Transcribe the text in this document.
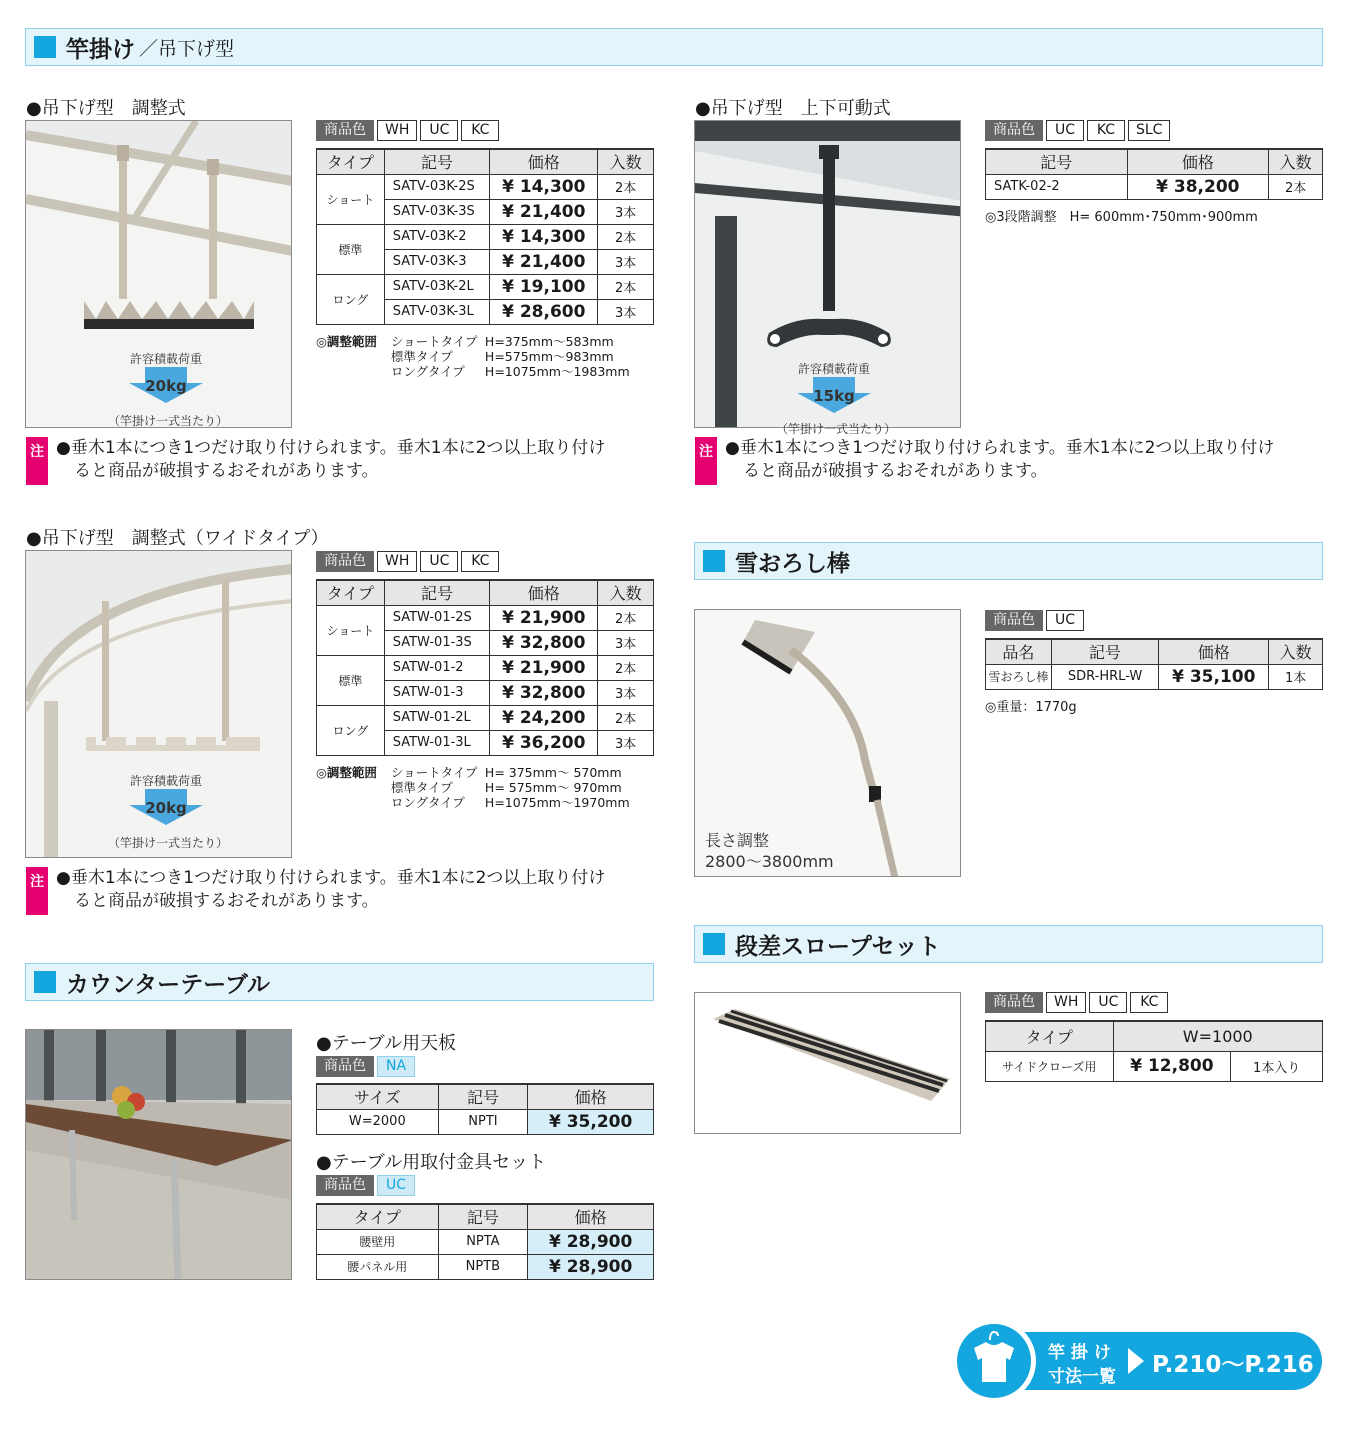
竿掛け ／吊下げ型
●吊下げ型　調整式
許容積載荷重
20kg
（竿掛け一式当たり）
商品色	WH	UC	KC
タイプ	記号	価格	入数
ショート	SATV-03K-2S	¥ 14,300	2本
	SATV-03K-3S	¥ 21,400	3本
標準	SATV-03K-2	¥ 14,300	2本
	SATV-03K-3	¥ 21,400	3本
ロング	SATV-03K-2L	¥ 19,100	2本
	SATV-03K-3L	¥ 28,600	3本
◎調整範囲 ショートタイプ H=375mm～583mm
標準タイプ	H=575mm～983mm
ロングタイプ H=1075mm～1983mm
注 ●垂木1本につき1つだけ取り付けられます。垂木1本に2つ以上取り付け
ると商品が破損するおそれがあります。
●吊下げ型　上下可動式
許容積載荷重
15kg
（竿掛け一式当たり）
商品色	UC	KC	SLC
記号	価格	入数
SATK-02-2	¥ 38,200	2本
◎3段階調整　H= 600mm･750mm･900mm
注 ●垂木1本につき1つだけ取り付けられます。垂木1本に2つ以上取り付け
ると商品が破損するおそれがあります。
●吊下げ型　調整式（ワイドタイプ）
許容積載荷重
20kg
（竿掛け一式当たり）
商品色	WH	UC	KC
タイプ	記号	価格	入数
ショート	SATW-01-2S	¥ 21,900	2本
	SATW-01-3S	¥ 32,800	3本
標準	SATW-01-2	¥ 21,900	2本
	SATW-01-3	¥ 32,800	3本
ロング	SATW-01-2L	¥ 24,200	2本
	SATW-01-3L	¥ 36,200	3本
◎調整範囲 ショートタイプ H= 375mm～ 570mm
標準タイプ	H= 575mm～ 970mm
ロングタイプ H=1075mm～1970mm
注 ●垂木1本につき1つだけ取り付けられます。垂木1本に2つ以上取り付け
ると商品が破損するおそれがあります。
雪おろし棒
長さ調整
2800～3800mm
商品色	UC
品名	記号	価格	入数
雪おろし棒	SDR-HRL-W	¥ 35,100	1本
◎重量：1770g
段差スロープセット
商品色	WH	UC	KC
タイプ	W=1000	
サイドクローズ用	¥ 12,800	1本入り
カウンターテーブル
●テーブル用天板
商品色	NA
サイズ	記号	価格
W=2000	NPTI	¥ 35,200
●テーブル用取付金具セット
商品色	UC
タイプ	記号	価格
腰壁用	NPTA	¥ 28,900
腰パネル用	NPTB	¥ 28,900
竿 掛 け
寸法一覧 P.210～P.216
